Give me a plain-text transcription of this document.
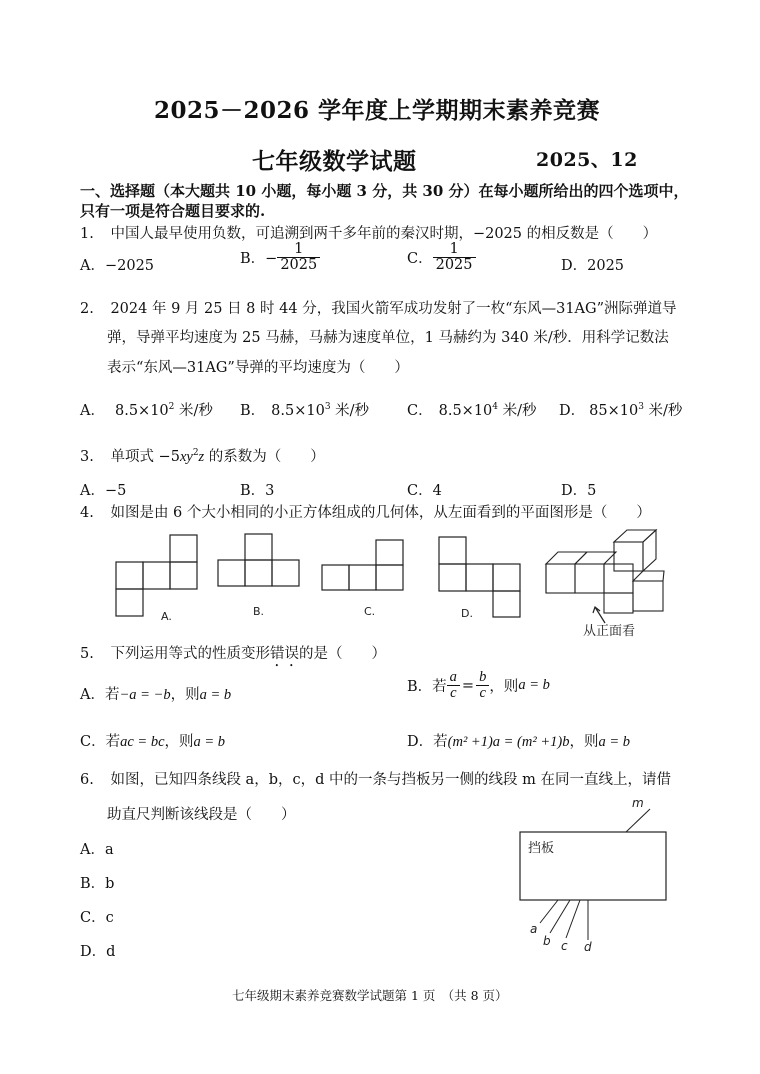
2025－2026 学年度上学期期末素养竞赛
七年级数学试题	2025、12
一、选择题（本大题共 10 小题，每小题 3 分，共 30 分）在每小题所给出的四个选项中，
只有一项是符合题目要求的.
1. 中国人最早使用负数，可追溯到两千多年前的秦汉时期，−2025 的相反数是（　　）
A．−2025	B．− $\frac{1}{2025}$	C． $\frac{1}{2025}$	D．2025
2. 2024 年 9 月 25 日 8 时 44 分，我国火箭军成功发射了一枚“东风—31AG”洲际弹道导
弹，导弹平均速度为 25 马赫，马赫为速度单位，1 马赫约为 340 米/秒．用科学记数法
表示“东风—31AG”导弹的平均速度为（　　）
A． $8.5\times 10^2$ 米/秒 B． $8.5\times 10^3$ 米/秒	C． $8.5\times 10^4$ 米/秒 D． $85\times 10^3$ 米/秒
3. 单项式 $-5xy^2z$ 的系数为（　　）
A．−5	B．3	C．4	D．5
4. 如图是由 6 个大小相同的小正方体组成的几何体，从左面看到的平面图形是（　　）
A.	B.	C.	D.
从正面看
5. 下列运用等式的性质变形错误的是（　　）
A．若−a = −b，则a = b	B．若 $\frac{a}{c} = \frac{b}{c}$ ，则a = b
C．若ac = bc，则a = b	D．若(m² +1)a = (m² +1)b，则a = b
6. 如图，已知四条线段 a，b，c，d 中的一条与挡板另一侧的线段 m 在同一直线上，请借
助直尺判断该线段是（　　）
A．a
B．b
C．c
D．d
挡板
m
a
b c d
七年级期末素养竞赛数学试题第 1 页　（共 8 页）
